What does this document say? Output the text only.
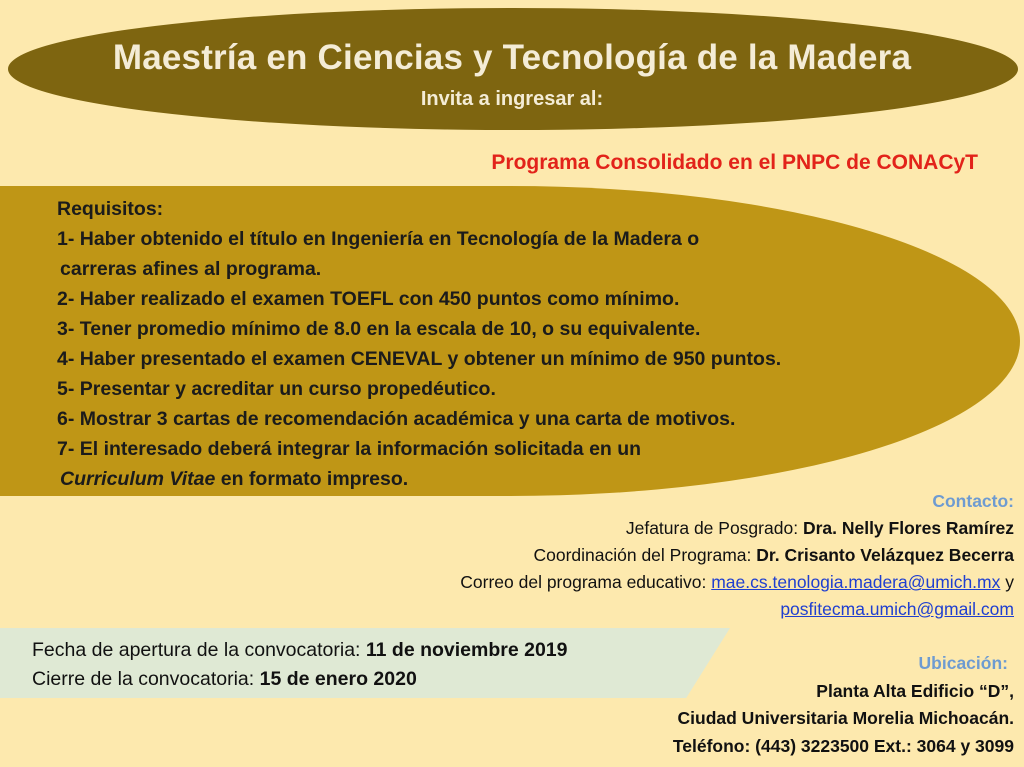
Maestría en Ciencias y Tecnología de la Madera
Invita a ingresar al:
Programa Consolidado en el PNPC de CONACyT
Requisitos:
1- Haber obtenido el título en Ingeniería en Tecnología de la Madera o
carreras afines al programa.
2- Haber realizado el examen TOEFL con 450 puntos como mínimo.
3- Tener promedio mínimo de 8.0 en la escala de 10, o su equivalente.
4- Haber presentado el examen CENEVAL y obtener un mínimo de 950 puntos.
5- Presentar y acreditar un curso propedéutico.
6- Mostrar 3 cartas de recomendación académica y una carta de motivos.
7- El interesado deberá integrar la información solicitada en un
Curriculum Vitae en formato impreso.
Contacto:
Jefatura de Posgrado: Dra. Nelly Flores Ramírez
Coordinación del Programa: Dr. Crisanto Velázquez Becerra
Correo del programa educativo: mae.cs.tenologia.madera@umich.mx y
posfitecma.umich@gmail.com
Fecha de apertura de la convocatoria: 11 de noviembre 2019
Cierre de la convocatoria: 15 de enero 2020
Ubicación:
Planta Alta Edificio “D”,
Ciudad Universitaria Morelia Michoacán.
Teléfono: (443) 3223500 Ext.: 3064 y 3099
